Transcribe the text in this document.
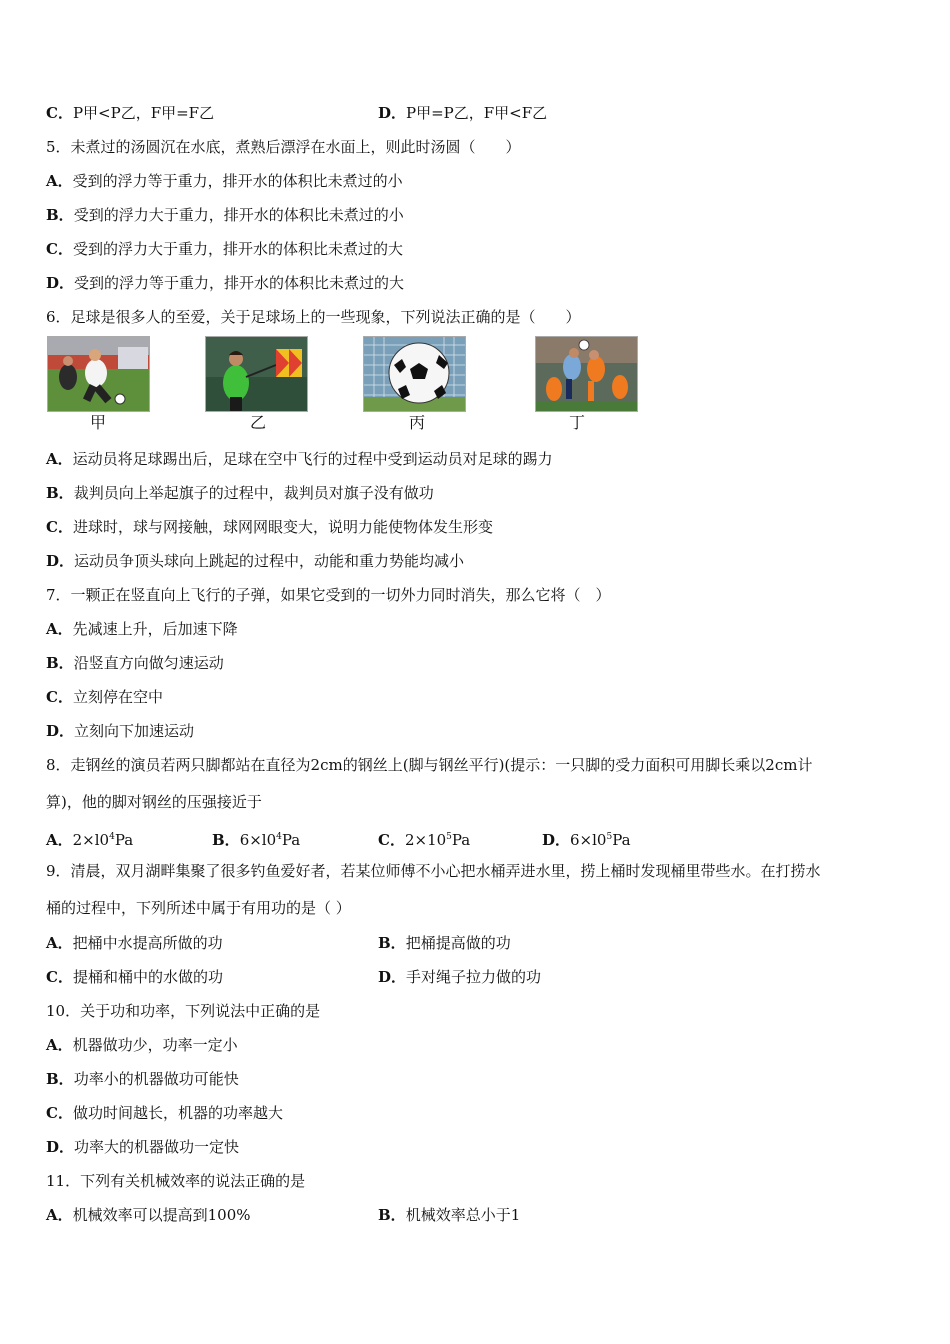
C．P甲<P乙，F甲=F乙	D．P甲=P乙，F甲<F乙
5．未煮过的汤圆沉在水底，煮熟后漂浮在水面上，则此时汤圆（　　）
A．受到的浮力等于重力，排开水的体积比未煮过的小
B．受到的浮力大于重力，排开水的体积比未煮过的小
C．受到的浮力大于重力，排开水的体积比未煮过的大
D．受到的浮力等于重力，排开水的体积比未煮过的大
6．足球是很多人的至爱，关于足球场上的一些现象，下列说法正确的是（　　）
甲	乙	丙	丁
A．运动员将足球踢出后，足球在空中飞行的过程中受到运动员对足球的踢力
B．裁判员向上举起旗子的过程中，裁判员对旗子没有做功
C．进球时，球与网接触，球网网眼变大，说明力能使物体发生形变
D．运动员争顶头球向上跳起的过程中，动能和重力势能均减小
7．一颗正在竖直向上飞行的子弹，如果它受到的一切外力同时消失，那么它将（　）
A．先减速上升，后加速下降
B．沿竖直方向做匀速运动
C．立刻停在空中
D．立刻向下加速运动
8．走钢丝的演员若两只脚都站在直径为2cm的钢丝上(脚与钢丝平行)(提示：一只脚的受力面积可用脚长乘以2cm计
算)，他的脚对钢丝的压强接近于
A．$2\times l0^4Pa$	B．$6\times l0^4Pa$	C．$2\times 10^5Pa$	D．$6\times l0^5Pa$
9．清晨，双月湖畔集聚了很多钓鱼爱好者，若某位师傅不小心把水桶弄进水里，捞上桶时发现桶里带些水。在打捞水
桶的过程中，下列所述中属于有用功的是（ ）
A．把桶中水提高所做的功	B．把桶提高做的功
C．提桶和桶中的水做的功	D．手对绳子拉力做的功
10．关于功和功率，下列说法中正确的是
A．机器做功少，功率一定小
B．功率小的机器做功可能快
C．做功时间越长，机器的功率越大
D．功率大的机器做功一定快
11．下列有关机械效率的说法正确的是
A．机械效率可以提高到100%	B．机械效率总小于1
